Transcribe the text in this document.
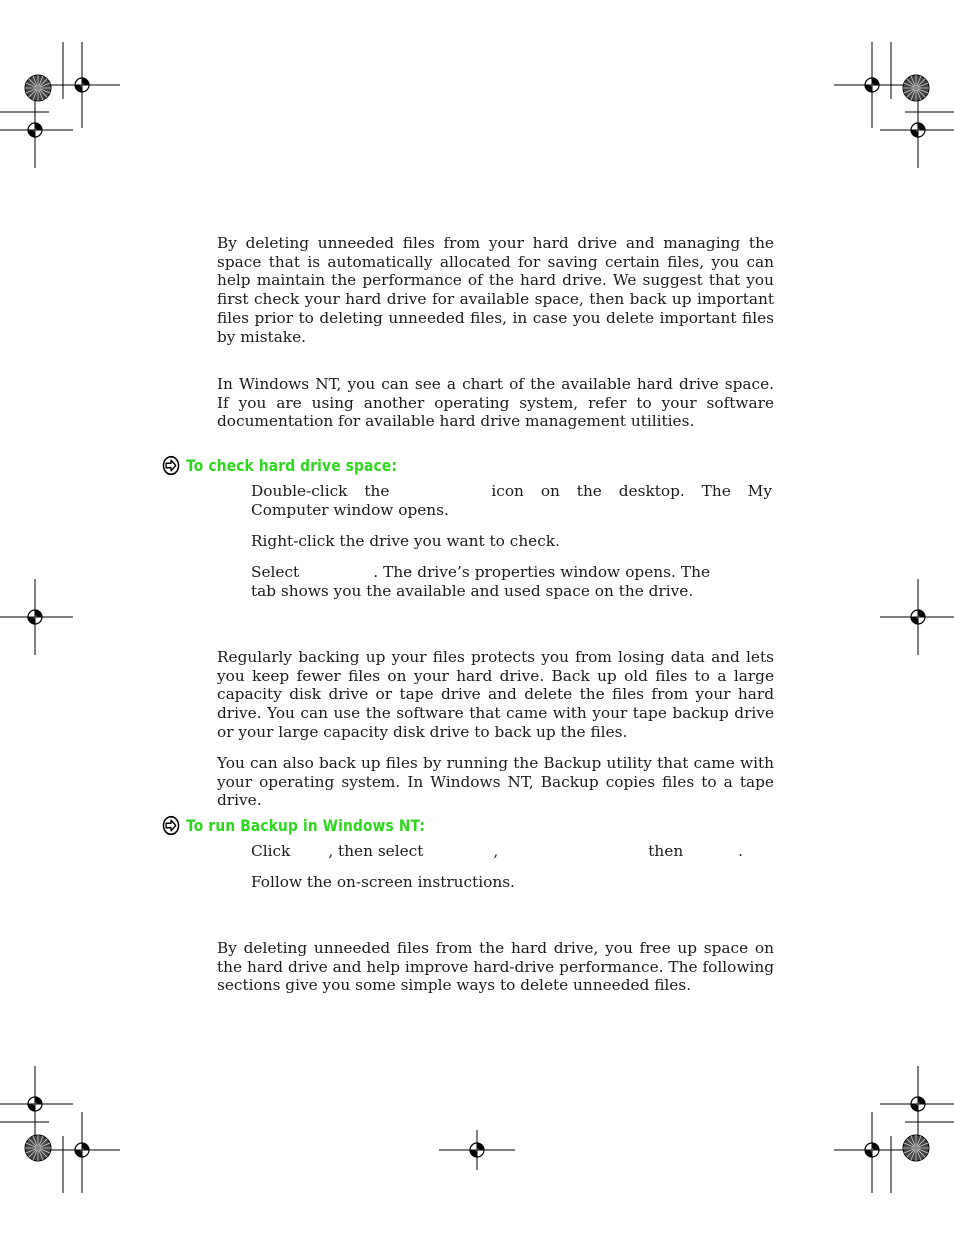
By deleting unneeded files from your hard drive and managing the space that is automatically allocated for saving certain files, you can help maintain the performance of the hard drive. We suggest that you first check your hard drive for available space, then back up important files prior to deleting unneeded files, in case you delete important files by mistake.

In Windows NT, you can see a chart of the available hard drive space. If you are using another operating system, refer to your software documentation for available hard drive management utilities.

To check hard drive space:

Double-click the	icon on the desktop. The My Computer window opens.

Right-click the drive you want to check.

Select	. The drive’s properties window opens. Thetab shows you the available and used space on the drive.

Regularly backing up your files protects you from losing data and lets you keep fewer files on your hard drive. Back up old files to a large capacity disk drive or tape drive and delete the files from your hard drive. You can use the software that came with your tape backup drive or your large capacity disk drive to back up the files.

You can also back up files by running the Backup utility that came with your operating system. In Windows NT, Backup copies files to a tape drive.

To run Backup in Windows NT:

Click , then select	,	then	.

Follow the on-screen instructions.

By deleting unneeded files from the hard drive, you free up space on the hard drive and help improve hard-drive performance. The following sections give you some simple ways to delete unneeded files.
